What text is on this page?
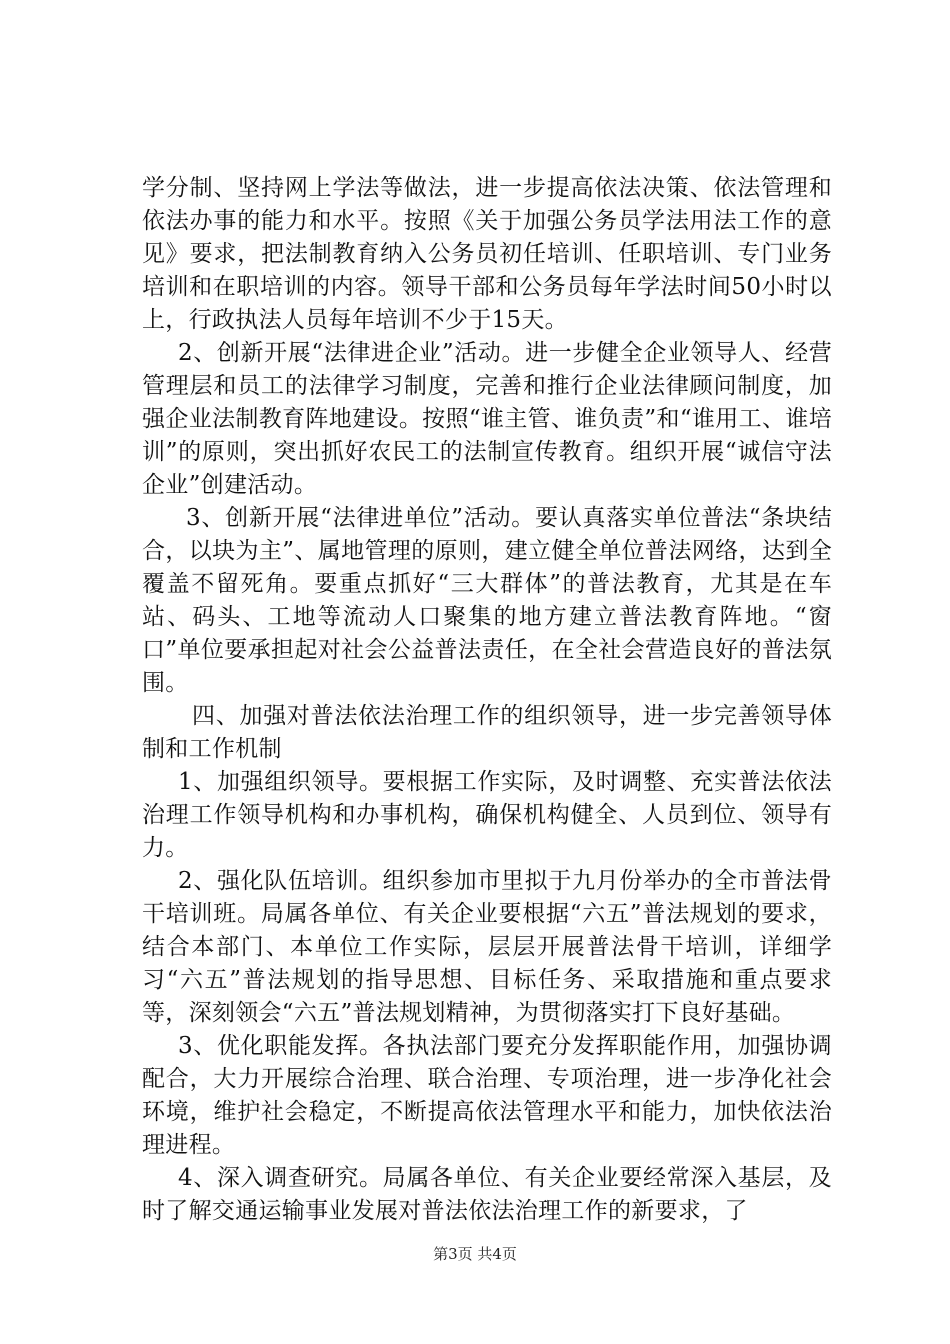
学分制、坚持网上学法等做法，进一步提高依法决策、依法管理和依法办事的能力和水平。按照《关于加强公务员学法用法工作的意见》要求，把法制教育纳入公务员初任培训、任职培训、专门业务培训和在职培训的内容。领导干部和公务员每年学法时间50小时以上，行政执法人员每年培训不少于15天。

2、创新开展“法律进企业”活动。进一步健全企业领导人、经营管理层和员工的法律学习制度，完善和推行企业法律顾问制度，加强企业法制教育阵地建设。按照“谁主管、谁负责”和“谁用工、谁培训”的原则，突出抓好农民工的法制宣传教育。组织开展“诚信守法企业”创建活动。

3、创新开展“法律进单位”活动。要认真落实单位普法“条块结合，以块为主”、属地管理的原则，建立健全单位普法网络，达到全覆盖不留死角。要重点抓好“三大群体”的普法教育，尤其是在车站、码头、工地等流动人口聚集的地方建立普法教育阵地。“窗口”单位要承担起对社会公益普法责任，在全社会营造良好的普法氛围。

四、加强对普法依法治理工作的组织领导，进一步完善领导体制和工作机制

1、加强组织领导。要根据工作实际，及时调整、充实普法依法治理工作领导机构和办事机构，确保机构健全、人员到位、领导有力。

2、强化队伍培训。组织参加市里拟于九月份举办的全市普法骨干培训班。局属各单位、有关企业要根据“六五”普法规划的要求，结合本部门、本单位工作实际，层层开展普法骨干培训，详细学习“六五”普法规划的指导思想、目标任务、采取措施和重点要求等，深刻领会“六五”普法规划精神，为贯彻落实打下良好基础。

3、优化职能发挥。各执法部门要充分发挥职能作用，加强协调配合，大力开展综合治理、联合治理、专项治理，进一步净化社会环境，维护社会稳定，不断提高依法管理水平和能力，加快依法治理进程。

4、深入调查研究。局属各单位、有关企业要经常深入基层，及时了解交通运输事业发展对普法依法治理工作的新要求，了

第3页 共4页
